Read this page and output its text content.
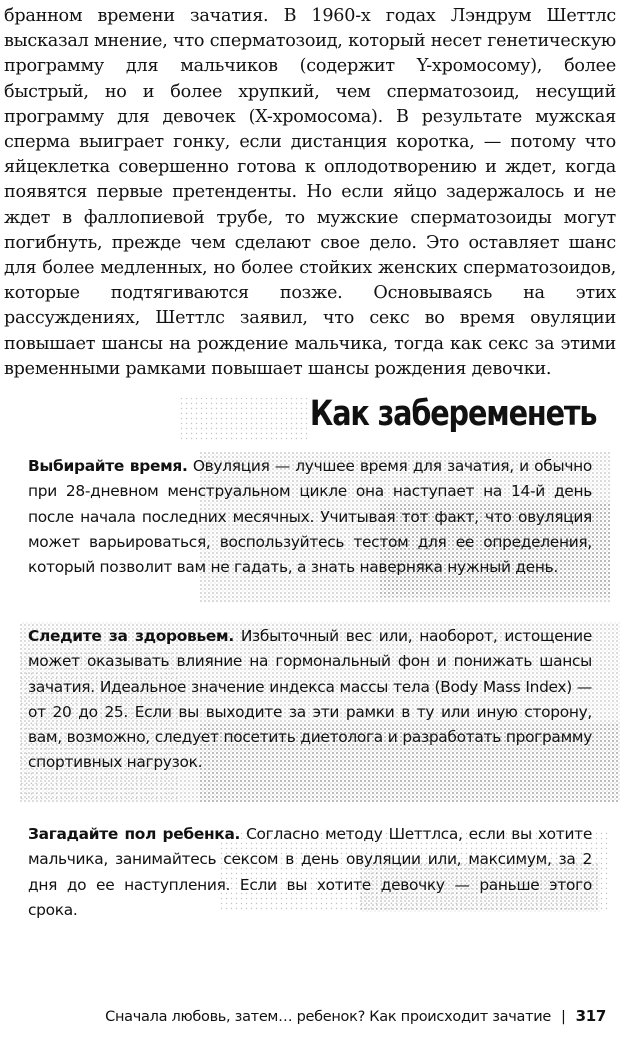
бранном времени зачатия. В 1960-х годах Лэндрум Шеттлс высказал мнение, что сперматозоид, который несет генетическую программу для мальчиков (содержит Y-хромосому), более быстрый, но и более хрупкий, чем сперматозоид, несущий программу для девочек (X-хромосома). В результате мужская сперма выиграет гонку, если дистанция коротка, — потому что яйцеклетка совершенно готова к оплодотворению и ждет, когда появятся первые претенденты. Но если яйцо задержалось и не ждет в фаллопиевой трубе, то мужские сперматозоиды могут погибнуть, прежде чем сделают свое дело. Это оставляет шанс для более медленных, но более стойких женских сперматозоидов, которые подтягиваются позже. Основываясь на этих рассуждениях, Шеттлс заявил, что секс во время овуляции повышает шансы на рождение мальчика, тогда как секс за этими временными рамками повышает шансы рождения девочки.

Как забеременеть

Выбирайте время. Овуляция — лучшее время для зачатия, и обычно при 28-дневном менструальном цикле она наступает на 14-й день после начала последних месячных. Учитывая тот факт, что овуляция может варьироваться, воспользуйтесь тестом для ее определения, который позволит вам не гадать, а знать наверняка нужный день.

Следите за здоровьем. Избыточный вес или, наоборот, истощение может оказывать влияние на гормональный фон и понижать шансы зачатия. Идеальное значение индекса массы тела (Body Mass Index) — от 20 до 25. Если вы выходите за эти рамки в ту или иную сторону, вам, возможно, следует посетить диетолога и разработать программу спортивных нагрузок.

Загадайте пол ребенка. Согласно методу Шеттлса, если вы хотите мальчика, занимайтесь сексом в день овуляции или, максимум, за 2 дня до ее наступления. Если вы хотите девочку — раньше этого срока.

Сначала любовь, затем… ребенок? Как происходит зачатие | 317
